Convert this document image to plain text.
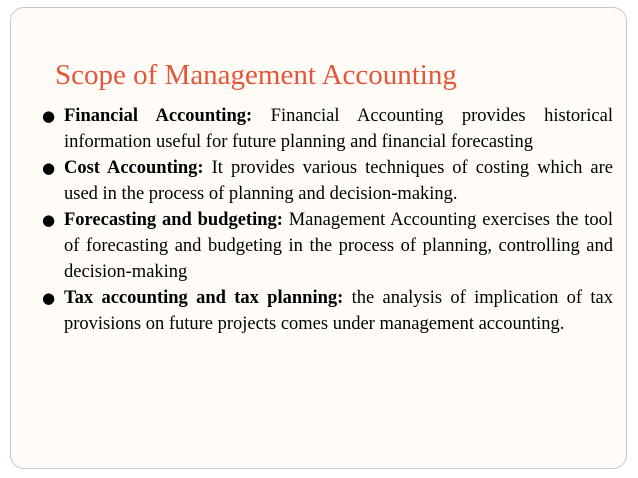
Scope of Management Accounting
● Financial Accounting: Financial Accounting provides historical information useful for future planning and financial forecasting
● Cost Accounting: It provides various techniques of costing which are used in the process of planning and decision-making.
● Forecasting and budgeting: Management Accounting exercises the tool of forecasting and budgeting in the process of planning, controlling and decision-making
● Tax accounting and tax planning: the analysis of implication of tax provisions on future projects comes under management accounting.
